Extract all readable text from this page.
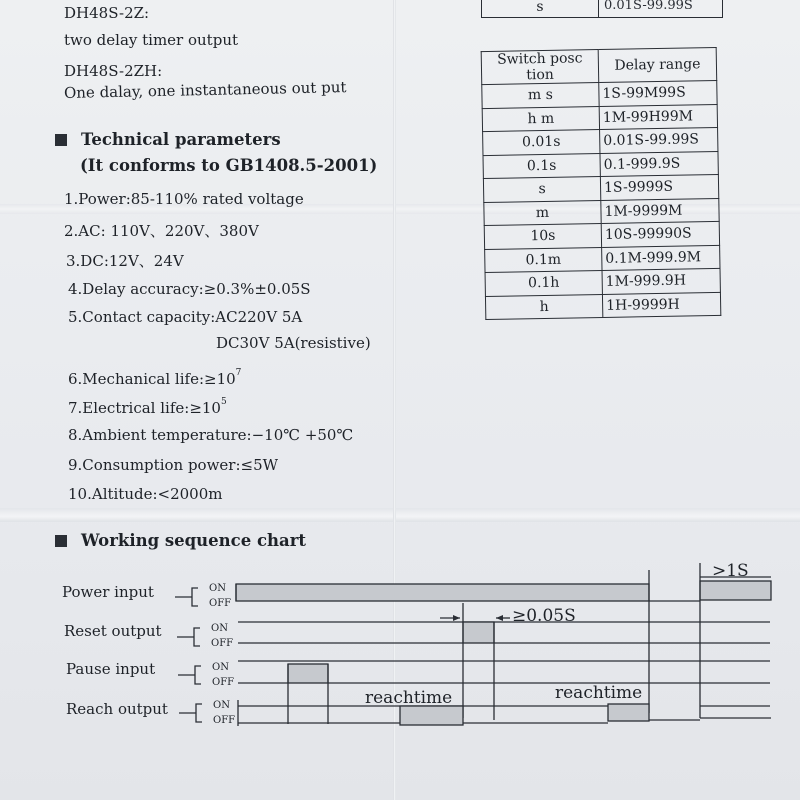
DH48S-2Z:
two delay timer output
DH48S-2ZH:
One dalay, one instantaneous out put
s	0.01S-99.99S
Technical parameters
(It conforms to GB1408.5-2001)
1.Power:85-110% rated voltage
2.AC: 110V、220V、380V
3.DC:12V、24V
4.Delay accuracy:≥0.3%±0.05S
5.Contact capacity:AC220V 5A
DC30V 5A(resistive)
6.Mechanical $life:\ge 10^7$
7.Electrical $life:\ge 10^5$
8.Ambient temperature:−10℃ +50℃
9.Consumption power:≤5W
10.Altitude:<2000m
Switch posc tion	Delay range
m s	1S-99M99S
h m	1M-99H99M
0.01s	0.01S-99.99S
0.1s	0.1-999.9S
s	1S-9999S
m	1M-9999M
10s	10S-99990S
0.1m	0.1M-999.9M
0.1h	1M-999.9H
h	1H-9999H
Working sequence chart
Power input
Reset output
Pause input
Reach output
ON
OFF
ON
OFF
ON
OFF
ON
OFF
>1S
≥0.05S
reachtime	reachtime
